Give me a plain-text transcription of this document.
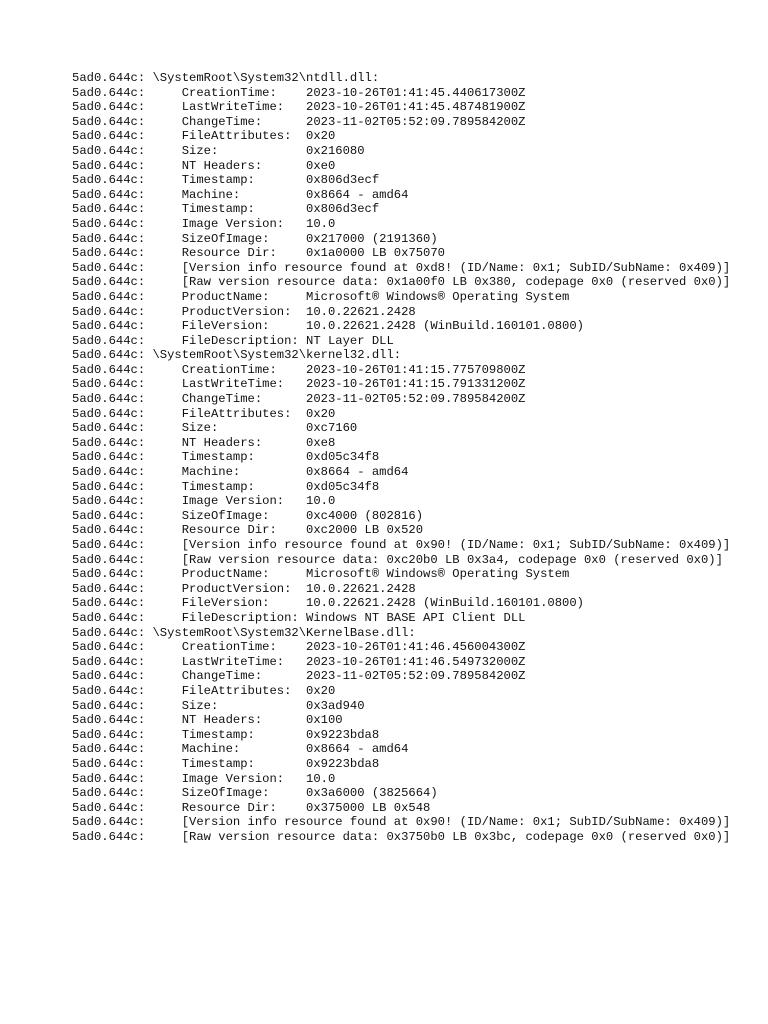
5ad0.644c: \SystemRoot\System32\ntdll.dll:
5ad0.644c:     CreationTime:    2023-10-26T01:41:45.440617300Z
5ad0.644c:     LastWriteTime:   2023-10-26T01:41:45.487481900Z
5ad0.644c:     ChangeTime:      2023-11-02T05:52:09.789584200Z
5ad0.644c:     FileAttributes:  0x20
5ad0.644c:     Size:            0x216080
5ad0.644c:     NT Headers:      0xe0
5ad0.644c:     Timestamp:       0x806d3ecf
5ad0.644c:     Machine:         0x8664 - amd64
5ad0.644c:     Timestamp:       0x806d3ecf
5ad0.644c:     Image Version:   10.0
5ad0.644c:     SizeOfImage:     0x217000 (2191360)
5ad0.644c:     Resource Dir:    0x1a0000 LB 0x75070
5ad0.644c:     [Version info resource found at 0xd8! (ID/Name: 0x1; SubID/SubName: 0x409)]
5ad0.644c:     [Raw version resource data: 0x1a00f0 LB 0x380, codepage 0x0 (reserved 0x0)]
5ad0.644c:     ProductName:     Microsoft® Windows® Operating System
5ad0.644c:     ProductVersion:  10.0.22621.2428
5ad0.644c:     FileVersion:     10.0.22621.2428 (WinBuild.160101.0800)
5ad0.644c:     FileDescription: NT Layer DLL
5ad0.644c: \SystemRoot\System32\kernel32.dll:
5ad0.644c:     CreationTime:    2023-10-26T01:41:15.775709800Z
5ad0.644c:     LastWriteTime:   2023-10-26T01:41:15.791331200Z
5ad0.644c:     ChangeTime:      2023-11-02T05:52:09.789584200Z
5ad0.644c:     FileAttributes:  0x20
5ad0.644c:     Size:            0xc7160
5ad0.644c:     NT Headers:      0xe8
5ad0.644c:     Timestamp:       0xd05c34f8
5ad0.644c:     Machine:         0x8664 - amd64
5ad0.644c:     Timestamp:       0xd05c34f8
5ad0.644c:     Image Version:   10.0
5ad0.644c:     SizeOfImage:     0xc4000 (802816)
5ad0.644c:     Resource Dir:    0xc2000 LB 0x520
5ad0.644c:     [Version info resource found at 0x90! (ID/Name: 0x1; SubID/SubName: 0x409)]
5ad0.644c:     [Raw version resource data: 0xc20b0 LB 0x3a4, codepage 0x0 (reserved 0x0)]
5ad0.644c:     ProductName:     Microsoft® Windows® Operating System
5ad0.644c:     ProductVersion:  10.0.22621.2428
5ad0.644c:     FileVersion:     10.0.22621.2428 (WinBuild.160101.0800)
5ad0.644c:     FileDescription: Windows NT BASE API Client DLL
5ad0.644c: \SystemRoot\System32\KernelBase.dll:
5ad0.644c:     CreationTime:    2023-10-26T01:41:46.456004300Z
5ad0.644c:     LastWriteTime:   2023-10-26T01:41:46.549732000Z
5ad0.644c:     ChangeTime:      2023-11-02T05:52:09.789584200Z
5ad0.644c:     FileAttributes:  0x20
5ad0.644c:     Size:            0x3ad940
5ad0.644c:     NT Headers:      0x100
5ad0.644c:     Timestamp:       0x9223bda8
5ad0.644c:     Machine:         0x8664 - amd64
5ad0.644c:     Timestamp:       0x9223bda8
5ad0.644c:     Image Version:   10.0
5ad0.644c:     SizeOfImage:     0x3a6000 (3825664)
5ad0.644c:     Resource Dir:    0x375000 LB 0x548
5ad0.644c:     [Version info resource found at 0x90! (ID/Name: 0x1; SubID/SubName: 0x409)]
5ad0.644c:     [Raw version resource data: 0x3750b0 LB 0x3bc, codepage 0x0 (reserved 0x0)]
